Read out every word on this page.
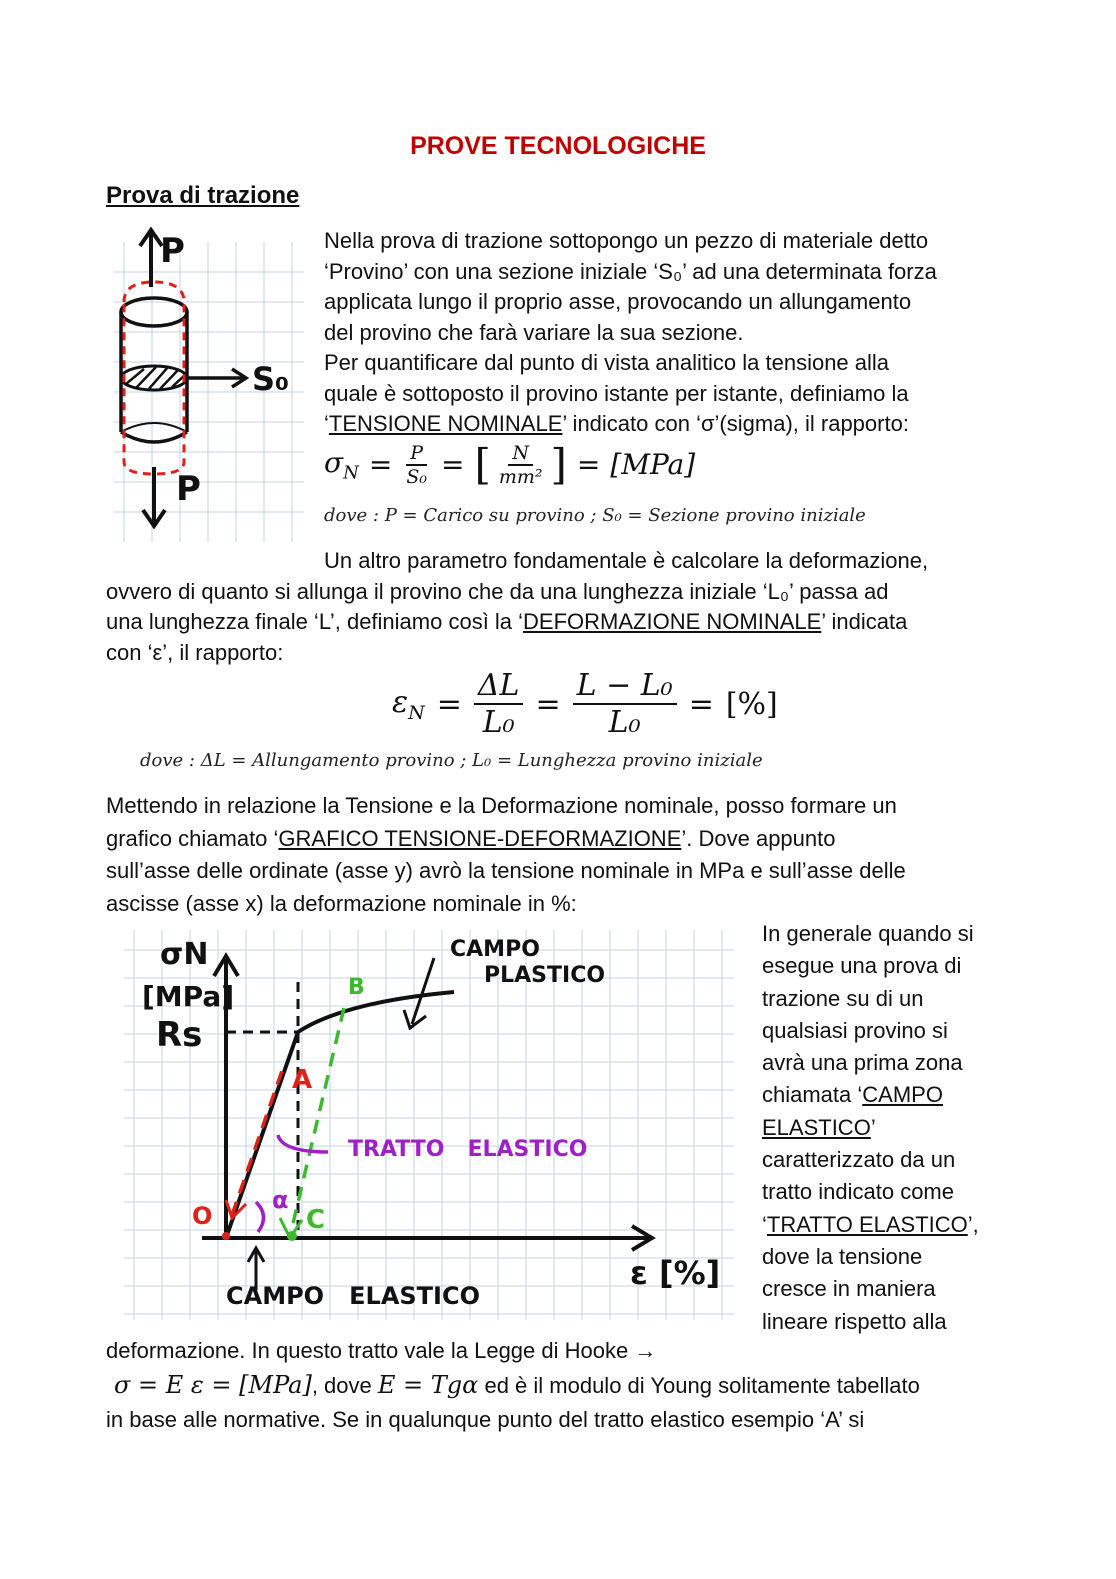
PROVE TECNOLOGICHE
Prova di trazione
P
P
S₀
Nella prova di trazione sottopongo un pezzo di materiale detto
‘Provino’ con una sezione iniziale ‘S₀’ ad una determinata forza
applicata lungo il proprio asse, provocando un allungamento
del provino che farà variare la sua sezione.
Per quantificare dal punto di vista analitico la tensione alla
quale è sottoposto il provino istante per istante, definiamo la
‘TENSIONE NOMINALE’ indicato con ‘σ’(sigma), il rapporto:
$\sigma_N = \frac{P}{\text{S₀}}$ = [ $\frac{N}{\text{mm²}}$ ] = [MPa]
dove : P = Carico su provino ; S₀ = Sezione provino iniziale
Un altro parametro fondamentale è calcolare la deformazione,
ovvero di quanto si allunga il provino che da una lunghezza iniziale ‘L₀’ passa ad
una lunghezza finale ‘L’, definiamo così la ‘DEFORMAZIONE NOMINALE’ indicata
con ‘ε’, il rapporto:
$\varepsilon_N = \frac{\Delta L}{\text{L₀}} = \frac{\text{L − L₀}}{\text{L₀}}$ = [%]
dove : ΔL = Allungamento provino ; L₀ = Lunghezza provino iniziale
Mettendo in relazione la Tensione e la Deformazione nominale, posso formare un
grafico chiamato ‘GRAFICO TENSIONE-DEFORMAZIONE’. Dove appunto
sull’asse delle ordinate (asse y) avrò la tensione nominale in MPa e sull’asse delle
ascisse (asse x) la deformazione nominale in %:
σN
[MPa]
Rs
ε [%]
O
A
B
C
α
CAMPO
PLASTICO
TRATTO   ELASTICO
CAMPO   ELASTICO
In generale quando si
esegue una prova di
trazione su di un
qualsiasi provino si
avrà una prima zona
chiamata ‘CAMPO
ELASTICO’
caratterizzato da un
tratto indicato come
‘TRATTO ELASTICO’,
dove la tensione
cresce in maniera
lineare rispetto alla
deformazione. In questo tratto vale la Legge di Hooke →
σ = E ε = [MPa], dove E = Tgα ed è il modulo di Young solitamente tabellato
in base alle normative. Se in qualunque punto del tratto elastico esempio ‘A’ si
